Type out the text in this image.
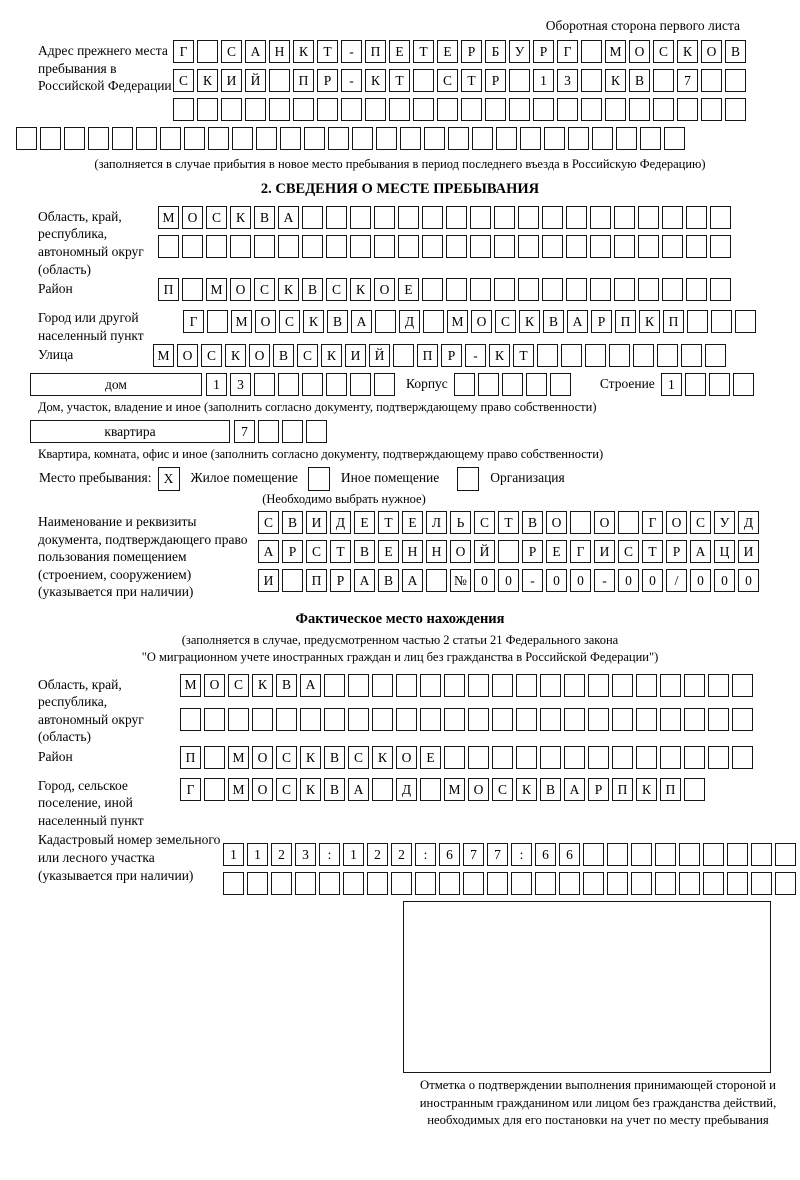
Оборотная сторона первого листа
Адрес прежнего места пребывания в Российской Федерации
Г	С	А	Н	К	Т	-	П	Е	Т	Е	Р	Б	У	Р	Г	М О	С	К	О	В
С	К	И	Й	П	Р	-	К	Т	С	Т	Р	1	3	К	В	7
(заполняется в случае прибытия в новое место пребывания в период последнего въезда в Российскую Федерацию)
2. СВЕДЕНИЯ О МЕСТЕ ПРЕБЫВАНИЯ
Область, край, республика, автономный округ (область)
М О	С	К	В	А
Район	П	М О	С	К	В	С	К	О	Е
Город или другой населенный пункт
Г	М О	С	К	В	А	Д	М О	С	К	В	А	Р	П	К	П
Улица	М О	С	К	О	В	С	К	И	Й	П	Р	-	К	Т
дом	1	3	Корпус	Строение 1
Дом, участок, владение и иное (заполнить согласно документу, подтверждающему право собственности)
квартира	7
Квартира, комната, офис и иное (заполнить согласно документу, подтверждающему право собственности)
Место пребывания: X	Жилое помещение	Иное помещение	Организация
(Необходимо выбрать нужное)
Наименование и реквизиты документа, подтверждающего право пользования помещением (строением, сооружением) (указывается при наличии)
С	В	И	Д	Е	Т	Е	Л	Ь	С	Т	В	О	О	Г	О	С	У	Д
А	Р	С	Т	В	Е	Н	Н	О	Й	Р	Е	Г	И	С	Т	Р	А	Ц	И
И	П	Р	А	В	А	№	0	0	-	0	0	-	0	0	/	0	0	0
Фактическое место нахождения
(заполняется в случае, предусмотренном частью 2 статьи 21 Федерального закона
"О миграционном учете иностранных граждан и лиц без гражданства в Российской Федерации")
Область, край, республика, автономный округ (область)
М О	С	К	В	А
Район	П	М О	С	К	В	С	К	О	Е
Город, сельское поселение, иной населенный пункт
Г	М О	С	К	В	А	Д	М О	С	К	В	А	Р	П	К	П
Кадастровый номер земельного или лесного участка (указывается при наличии)
1	1	2	3	:	1	2	2	:	6	7	7	:	6	6
Отметка о подтверждении выполнения принимающей стороной и иностранным гражданином или лицом без гражданства действий, необходимых для его постановки на учет по месту пребывания
